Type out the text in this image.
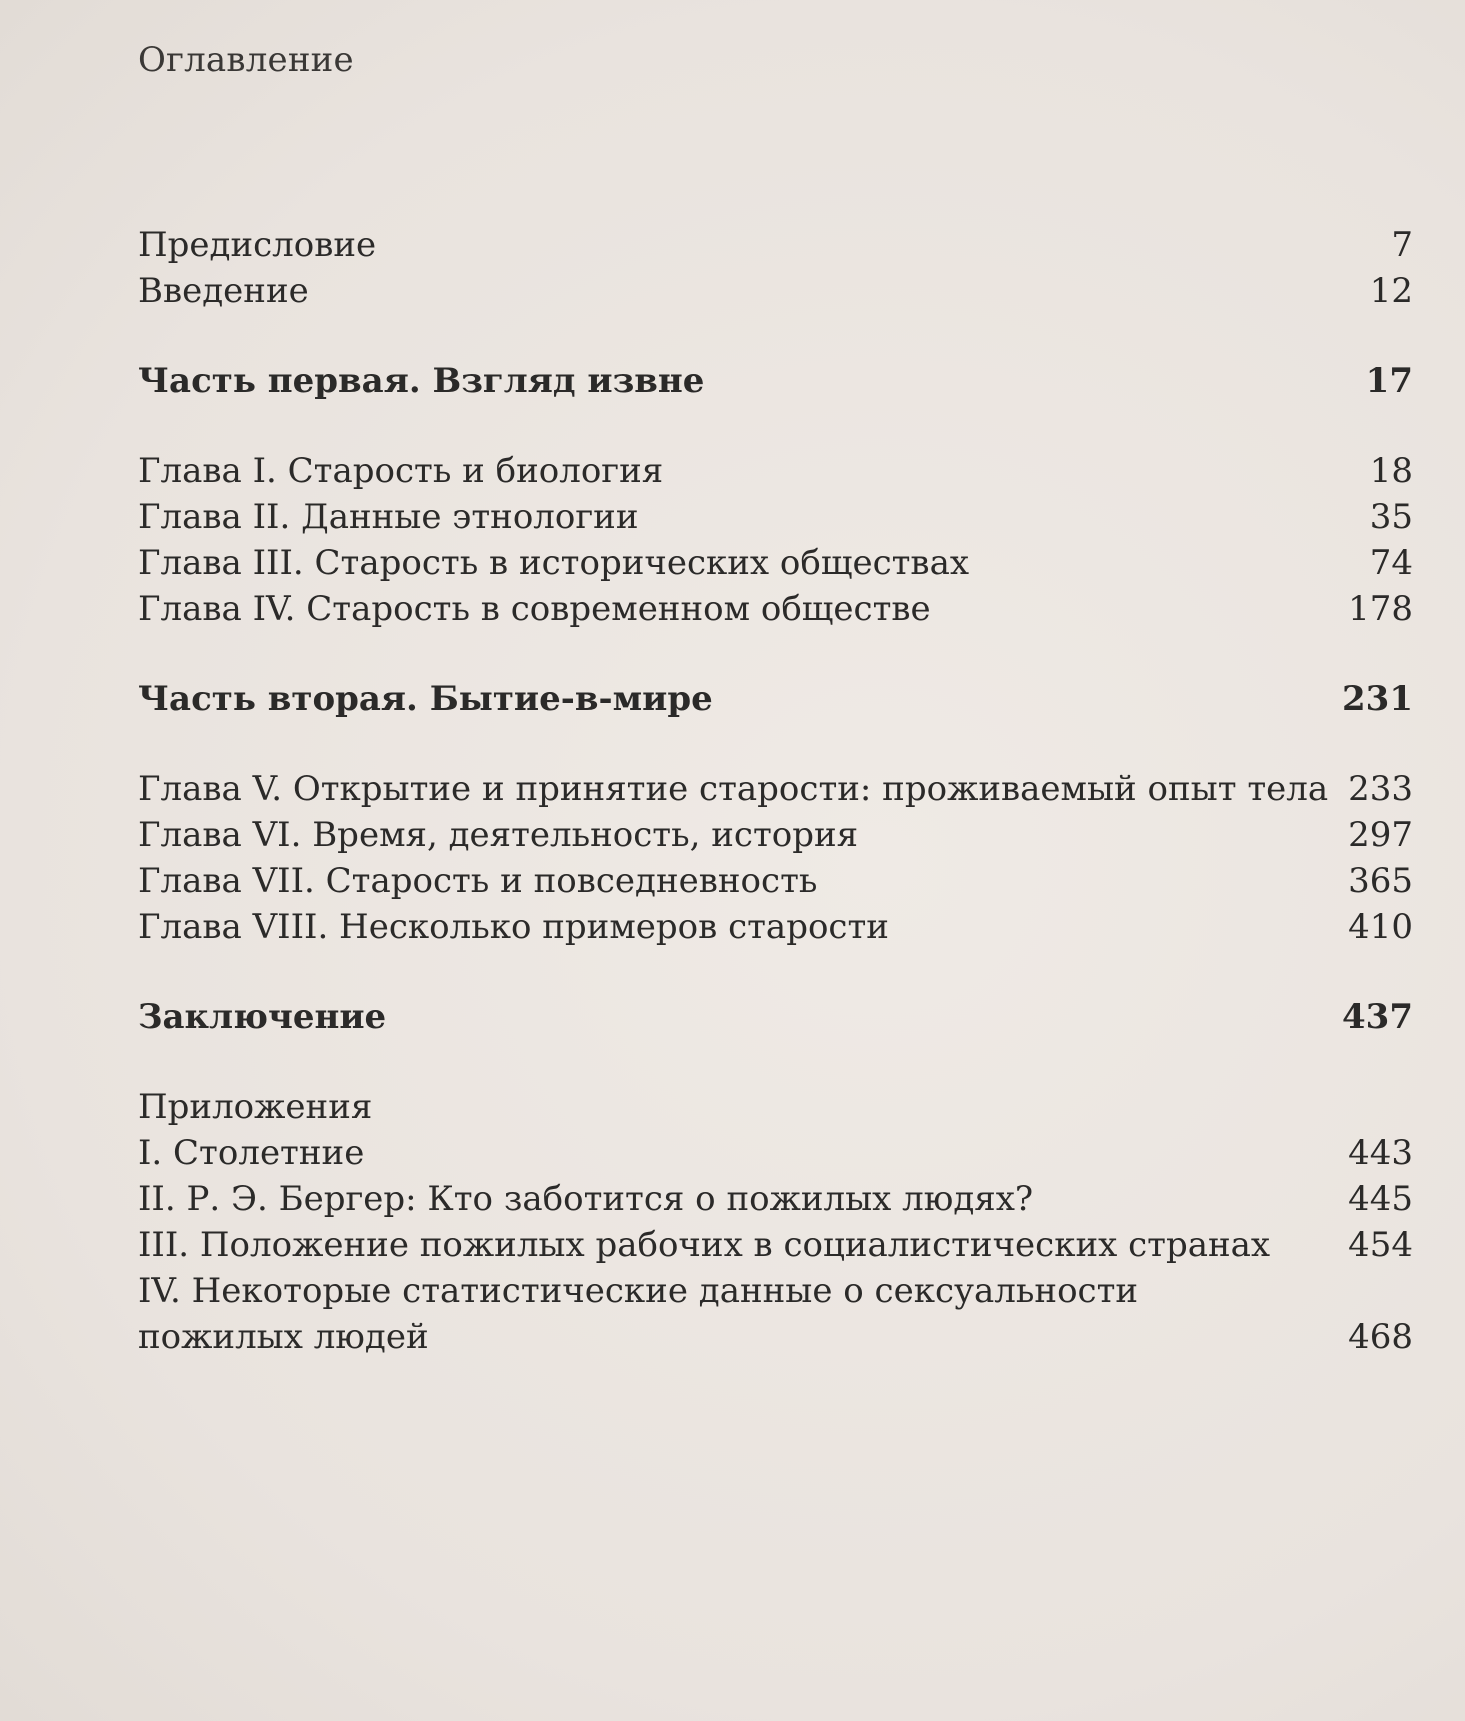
Оглавление
Предисловие	7
Введение	12
Часть первая. Взгляд извне	17
Глава I. Старость и биология	18
Глава II. Данные этнологии	35
Глава III. Старость в исторических обществах	74
Глава IV. Старость в современном обществе	178
Часть вторая. Бытие-в-мире	231
Глава V. Открытие и принятие старости: проживаемый опыт тела 233
Глава VI. Время, деятельность, история	297
Глава VII. Старость и повседневность	365
Глава VIII. Несколько примеров старости	410
Заключение	437
Приложения
I. Столетние	443
II. Р. Э. Бергер: Кто заботится о пожилых людях?	445
III. Положение пожилых рабочих в социалистических странах 454
IV. Некоторые статистические данные о сексуальности
пожилых людей	468
